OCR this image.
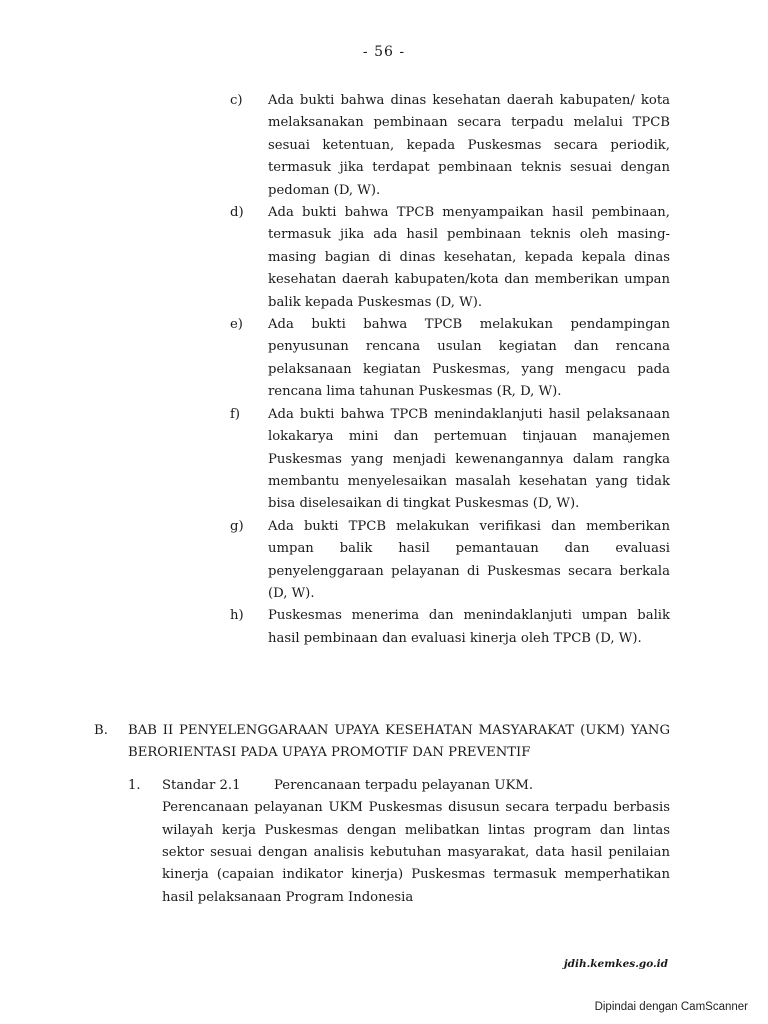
- 56 -
c)	Ada bukti bahwa dinas kesehatan daerah kabupaten/ kota melaksanakan pembinaan secara terpadu melalui TPCB sesuai ketentuan, kepada Puskesmas secara periodik, termasuk jika terdapat pembinaan teknis sesuai dengan pedoman (D, W).
d)	Ada bukti bahwa TPCB menyampaikan hasil pembinaan, termasuk jika ada hasil pembinaan teknis oleh masing-masing bagian di dinas kesehatan, kepada kepala dinas kesehatan daerah kabupaten/kota dan memberikan umpan balik kepada Puskesmas (D, W).
e)	Ada bukti bahwa TPCB melakukan pendampingan penyusunan rencana usulan kegiatan dan rencana pelaksanaan kegiatan Puskesmas, yang mengacu pada rencana lima tahunan Puskesmas (R, D, W).
f)	Ada bukti bahwa TPCB menindaklanjuti hasil pelaksanaan lokakarya mini dan pertemuan tinjauan manajemen Puskesmas yang menjadi kewenangannya dalam rangka membantu menyelesaikan masalah kesehatan yang tidak bisa diselesaikan di tingkat Puskesmas (D, W).
g)	Ada bukti TPCB melakukan verifikasi dan memberikan umpan balik hasil pemantauan dan evaluasi penyelenggaraan pelayanan di Puskesmas secara berkala (D, W).
h)	Puskesmas menerima dan menindaklanjuti umpan balik hasil pembinaan dan evaluasi kinerja oleh TPCB (D, W).
B.	BAB II PENYELENGGARAAN UPAYA KESEHATAN MASYARAKAT (UKM) YANG BERORIENTASI PADA UPAYA PROMOTIF DAN PREVENTIF
1.	Standar 2.1	Perencanaan terpadu pelayanan UKM.
Perencanaan pelayanan UKM Puskesmas disusun secara terpadu berbasis wilayah kerja Puskesmas dengan melibatkan lintas program dan lintas sektor sesuai dengan analisis kebutuhan masyarakat, data hasil penilaian kinerja (capaian indikator kinerja) Puskesmas termasuk memperhatikan hasil pelaksanaan Program Indonesia
jdih.kemkes.go.id
Dipindai dengan CamScanner
